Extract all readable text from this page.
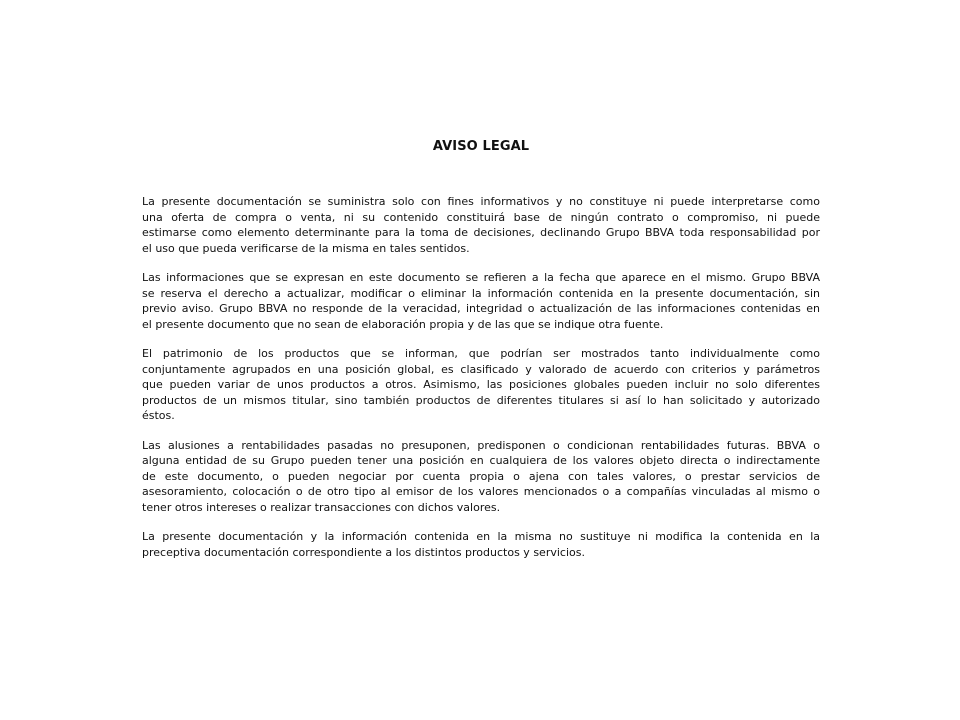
AVISO LEGAL

La presente documentación se suministra solo con fines informativos y no constituye ni puede interpretarse como
una oferta de compra o venta, ni su contenido constituirá base de ningún contrato o compromiso, ni puede
estimarse como elemento determinante para la toma de decisiones, declinando Grupo BBVA toda responsabilidad por
el uso que pueda verificarse de la misma en tales sentidos.

Las informaciones que se expresan en este documento se refieren a la fecha que aparece en el mismo. Grupo BBVA
se reserva el derecho a actualizar, modificar o eliminar la información contenida en la presente documentación, sin
previo aviso. Grupo BBVA no responde de la veracidad, integridad o actualización de las informaciones contenidas en
el presente documento que no sean de elaboración propia y de las que se indique otra fuente.

El patrimonio de los productos que se informan, que podrían ser mostrados tanto individualmente como
conjuntamente agrupados en una posición global, es clasificado y valorado de acuerdo con criterios y parámetros
que pueden variar de unos productos a otros. Asimismo, las posiciones globales pueden incluir no solo diferentes
productos de un mismos titular, sino también productos de diferentes titulares si así lo han solicitado y autorizado
éstos.

Las alusiones a rentabilidades pasadas no presuponen, predisponen o condicionan rentabilidades futuras. BBVA o
alguna entidad de su Grupo pueden tener una posición en cualquiera de los valores objeto directa o indirectamente
de este documento, o pueden negociar por cuenta propia o ajena con tales valores, o prestar servicios de
asesoramiento, colocación o de otro tipo al emisor de los valores mencionados o a compañías vinculadas al mismo o
tener otros intereses o realizar transacciones con dichos valores.

La presente documentación y la información contenida en la misma no sustituye ni modifica la contenida en la
preceptiva documentación correspondiente a los distintos productos y servicios.
